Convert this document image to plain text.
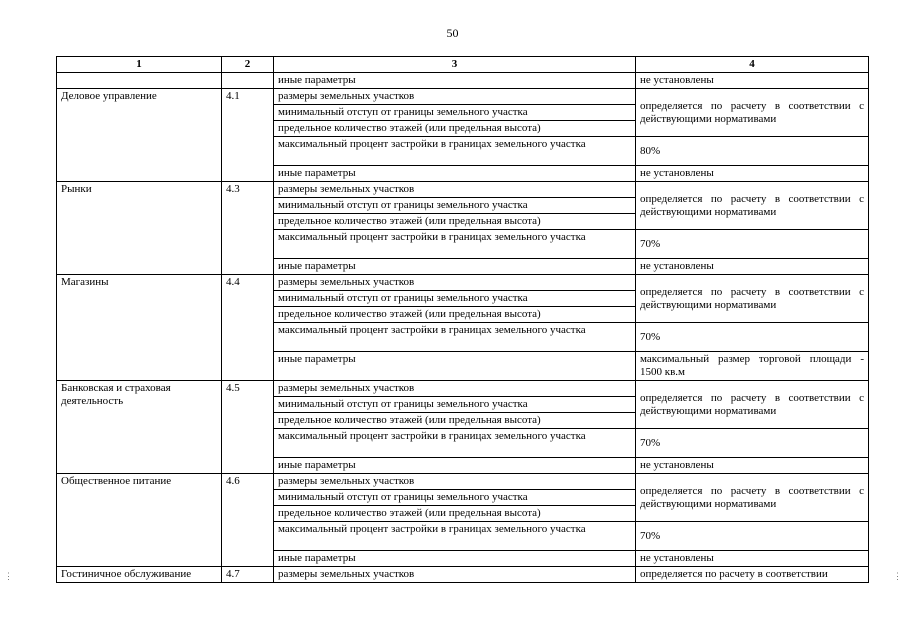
50
1	2	3	4
		иные параметры	не установлены
Деловое управление	4.1	размеры земельных участков	определяется по расчету в соответствии с действующими нормативами
		минимальный отступ от границы земельного участка	
		предельное количество этажей (или предельная высота)	
		максимальный процент застройки в границах земельного участка	80%
		иные параметры	не установлены
Рынки	4.3	размеры земельных участков	определяется по расчету в соответствии с действующими нормативами
		минимальный отступ от границы земельного участка	
		предельное количество этажей (или предельная высота)	
		максимальный процент застройки в границах земельного участка	70%
		иные параметры	не установлены
Магазины	4.4	размеры земельных участков	определяется по расчету в соответствии с действующими нормативами
		минимальный отступ от границы земельного участка	
		предельное количество этажей (или предельная высота)	
		максимальный процент застройки в границах земельного участка	70%
		иные параметры	максимальный размер торговой площади - 1500 кв.м
Банковская и страховая деятельность	4.5	размеры земельных участков	определяется по расчету в соответствии с действующими нормативами
		минимальный отступ от границы земельного участка	
		предельное количество этажей (или предельная высота)	
		максимальный процент застройки в границах земельного участка	70%
		иные параметры	не установлены
Общественное питание	4.6	размеры земельных участков	определяется по расчету в соответствии с действующими нормативами
		минимальный отступ от границы земельного участка	
		предельное количество этажей (или предельная высота)	
		максимальный процент застройки в границах земельного участка	70%
		иные параметры	не установлены
Гостиничное обслуживание	4.7	размеры земельных участков	определяется по расчету в соответствии
⋮	⋮
